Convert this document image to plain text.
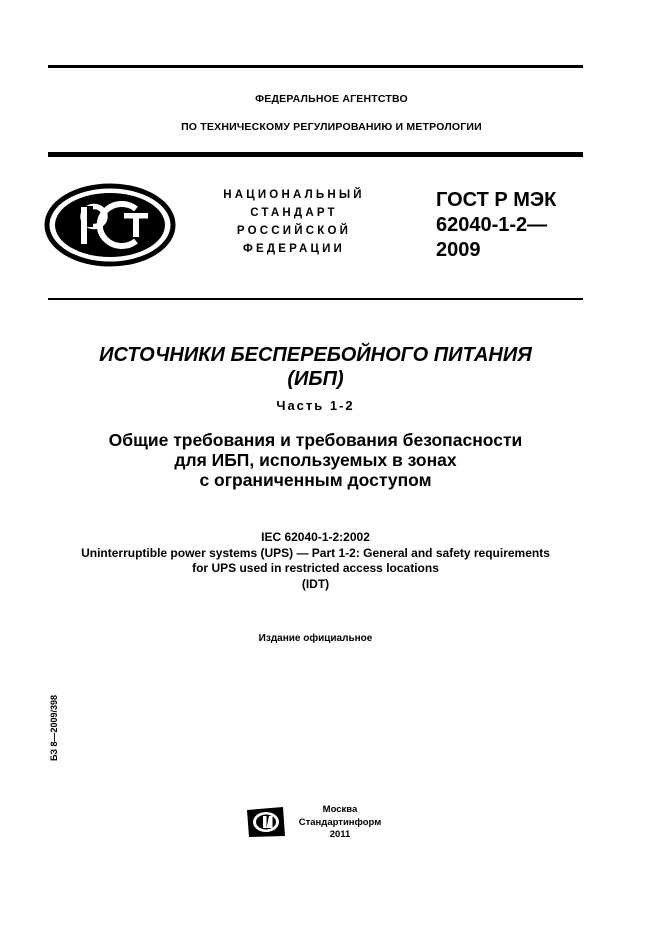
ФЕДЕРАЛЬНОЕ АГЕНТСТВО
ПО ТЕХНИЧЕСКОМУ РЕГУЛИРОВАНИЮ И МЕТРОЛОГИИ
НАЦИОНАЛЬНЫЙ
СТАНДАРТ
РОССИЙСКОЙ
ФЕДЕРАЦИИ
ГОСТ Р МЭК
62040-1-2—
2009
ИСТОЧНИКИ БЕСПЕРЕБОЙНОГО ПИТАНИЯ
(ИБП)
Часть 1-2
Общие требования и требования безопасности
для ИБП, используемых в зонах
с ограниченным доступом
IEC 62040-1-2:2002
Uninterruptible power systems (UPS) — Part 1-2: General and safety requirements
for UPS used in restricted access locations
(IDT)
Издание официальное
БЗ 8—2009/398
Москва
Стандартинформ
2011
